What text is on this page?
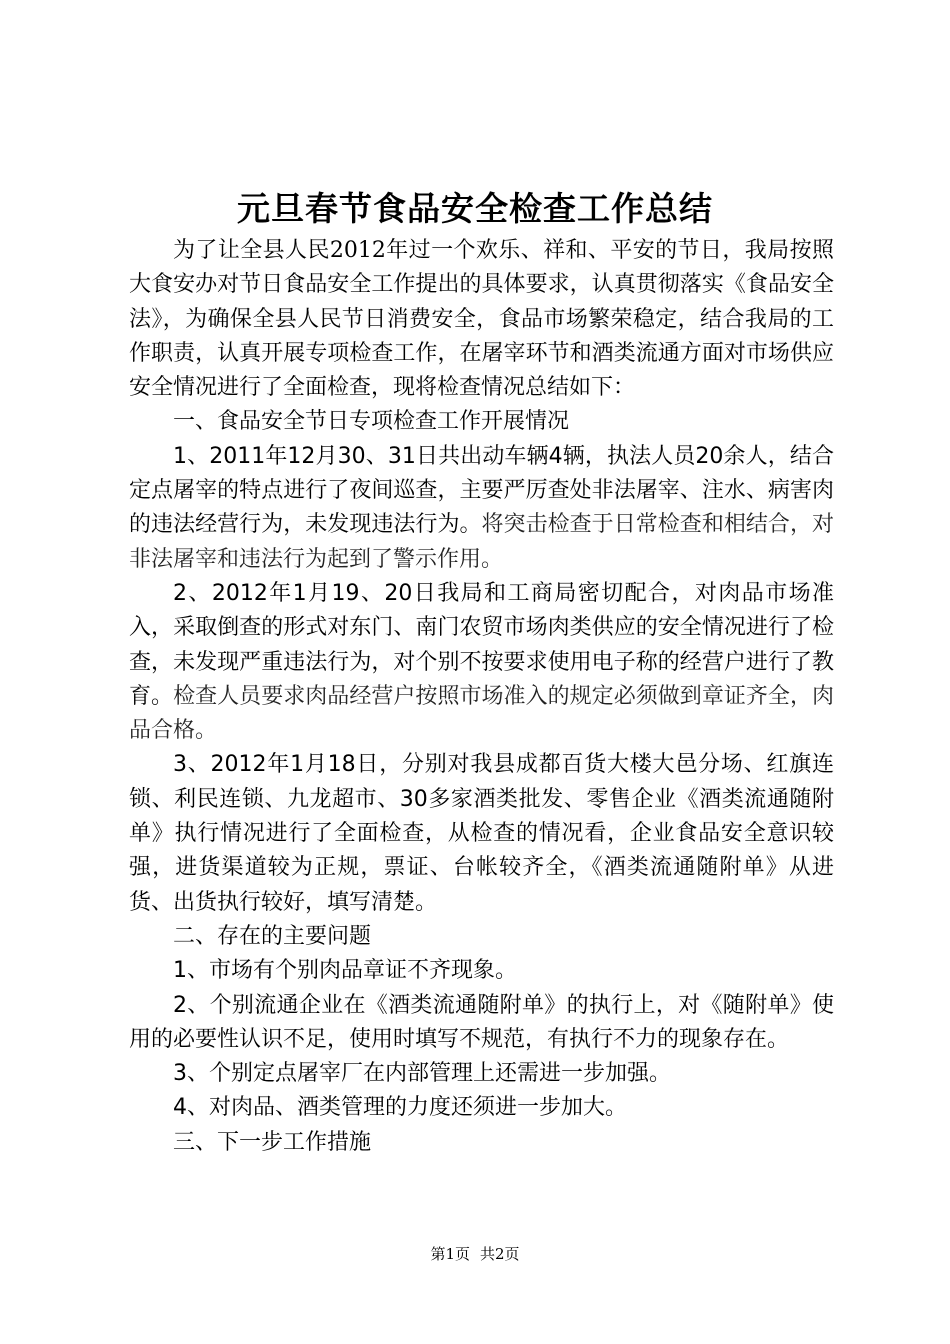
元旦春节食品安全检查工作总结

为了让全县人民2012年过一个欢乐、祥和、平安的节日，我局按照大食安办对节日食品安全工作提出的具体要求，认真贯彻落实《食品安全法》，为确保全县人民节日消费安全，食品市场繁荣稳定，结合我局的工作职责，认真开展专项检查工作，在屠宰环节和酒类流通方面对市场供应安全情况进行了全面检查，现将检查情况总结如下：

一、食品安全节日专项检查工作开展情况

1、2011年12月30、31日共出动车辆4辆，执法人员20余人，结合定点屠宰的特点进行了夜间巡查，主要严厉查处非法屠宰、注水、病害肉的违法经营行为，未发现违法行为。将突击检查于日常检查和相结合，对非法屠宰和违法行为起到了警示作用。

2、2012年1月19、20日我局和工商局密切配合，对肉品市场准入，采取倒查的形式对东门、南门农贸市场肉类供应的安全情况进行了检查，未发现严重违法行为，对个别不按要求使用电子称的经营户进行了教育。检查人员要求肉品经营户按照市场准入的规定必须做到章证齐全，肉品合格。

3、2012年1月18日，分别对我县成都百货大楼大邑分场、红旗连锁、利民连锁、九龙超市、30多家酒类批发、零售企业《酒类流通随附单》执行情况进行了全面检查，从检查的情况看，企业食品安全意识较强，进货渠道较为正规，票证、台帐较齐全，《酒类流通随附单》从进货、出货执行较好，填写清楚。

二、存在的主要问题

1、市场有个别肉品章证不齐现象。

2、个别流通企业在《酒类流通随附单》的执行上，对《随附单》使用的必要性认识不足，使用时填写不规范，有执行不力的现象存在。

3、个别定点屠宰厂在内部管理上还需进一步加强。

4、对肉品、酒类管理的力度还须进一步加大。

三、下一步工作措施

第1页 共2页
